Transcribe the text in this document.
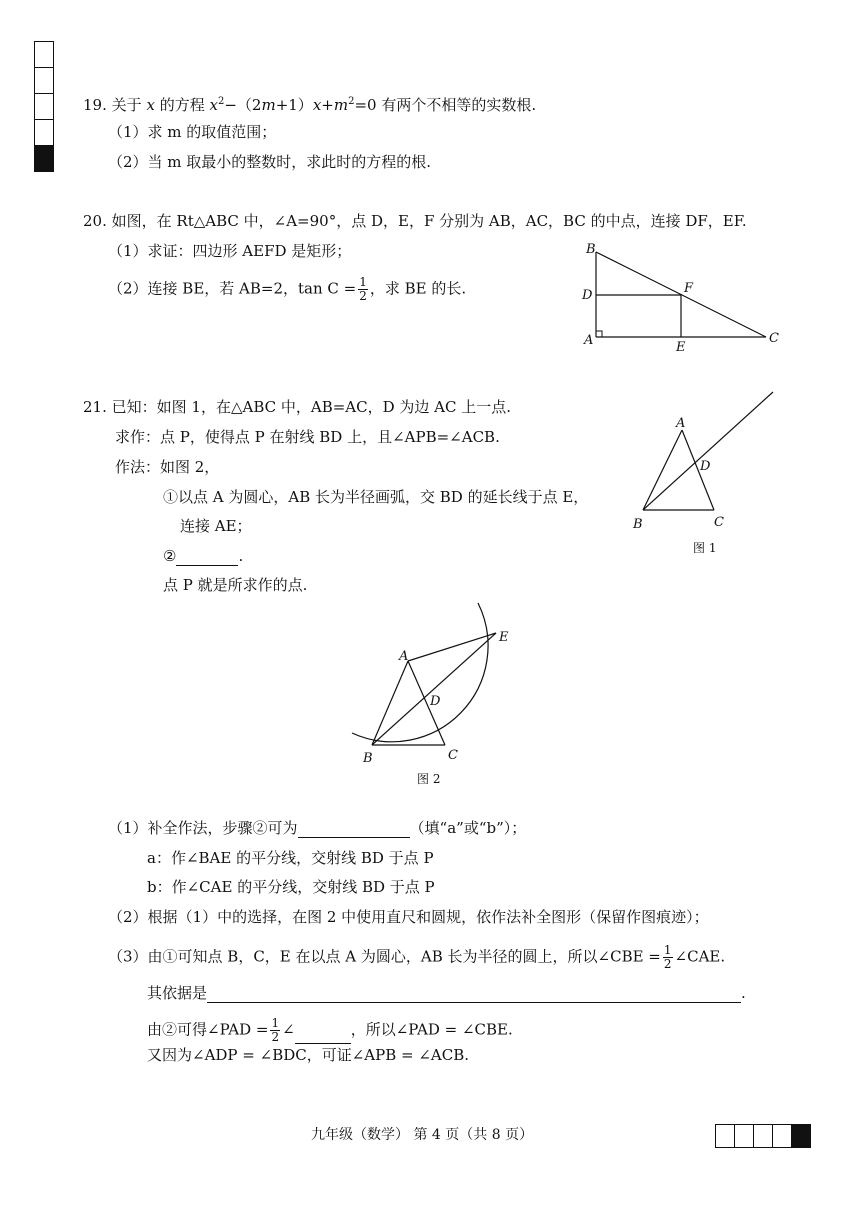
19. 关于 x 的方程 $x^2-(2m+1)x+m^2=0$ 有两个不相等的实数根.
（1）求 m 的取值范围；
（2）当 m 取最小的整数时，求此时的方程的根.
20. 如图，在 Rt△ABC 中，∠A=90°，点 D，E，F 分别为 AB，AC，BC 的中点，连接 DF，EF.
（1）求证：四边形 AEFD 是矩形；
（2）连接 BE，若 AB=2，$\tan C = \frac{1}{2}$ ，求 BE 的长.
B
D	F
A	E
C
21. 已知：如图 1，在△ABC 中，AB=AC，D 为边 AC 上一点.
求作：点 P，使得点 P 在射线 BD 上，且∠APB=∠ACB.
作法：如图 2，
①以点 A 为圆心，AB 长为半径画弧，交 BD 的延长线于点 E，
连接 AE；
②	.
点 P 就是所求作的点.
A
D
B	C
图 1
A
E
D
B	C
图 2
（1）补全作法，步骤②可为	（填“a”或“b”）；
a：作∠BAE 的平分线，交射线 BD 于点 P
b：作∠CAE 的平分线，交射线 BD 于点 P
（2）根据（1）中的选择，在图 2 中使用直尺和圆规，依作法补全图形（保留作图痕迹）；
（3）由①可知点 B，C，E 在以点 A 为圆心，AB 长为半径的圆上，所以∠CBE = $\frac{1}{2}$ ∠CAE.
其依据是	.
由②可得∠PAD = $\frac{1}{2}$ ∠	，所以∠PAD = ∠CBE.
又因为∠ADP = ∠BDC，可证∠APB = ∠ACB.
九年级（数学） 第 4 页（共 8 页）
